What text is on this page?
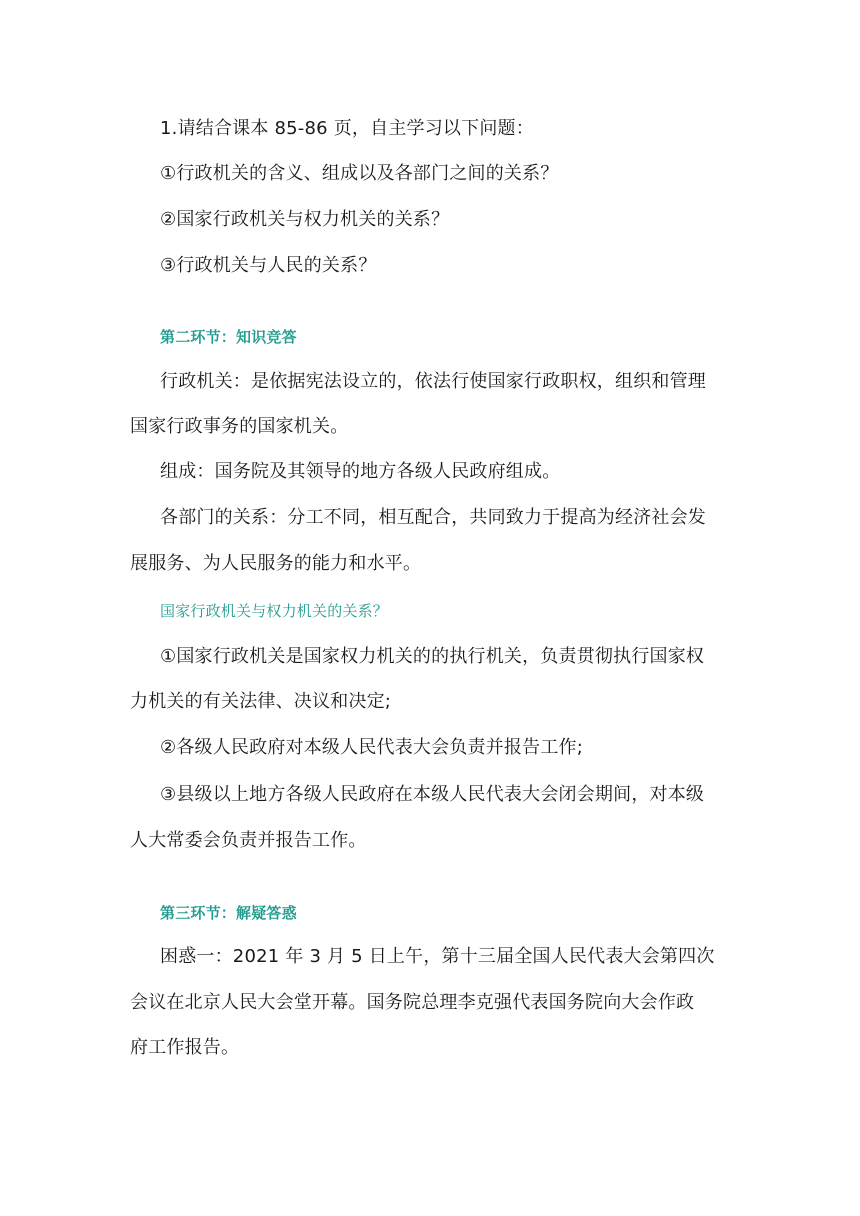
1.请结合课本 85-86 页，自主学习以下问题：
①行政机关的含义、组成以及各部门之间的关系？
②国家行政机关与权力机关的关系？
③行政机关与人民的关系？
第二环节：知识竞答
行政机关：是依据宪法设立的，依法行使国家行政职权，组织和管理
国家行政事务的国家机关。
组成：国务院及其领导的地方各级人民政府组成。
各部门的关系：分工不同，相互配合，共同致力于提高为经济社会发
展服务、为人民服务的能力和水平。
国家行政机关与权力机关的关系？
①国家行政机关是国家权力机关的的执行机关，负责贯彻执行国家权
力机关的有关法律、决议和决定;
②各级人民政府对本级人民代表大会负责并报告工作;
③县级以上地方各级人民政府在本级人民代表大会闭会期间，对本级
人大常委会负责并报告工作。
第三环节：解疑答惑
困惑一：2021 年 3 月 5 日上午，第十三届全国人民代表大会第四次
会议在北京人民大会堂开幕。国务院总理李克强代表国务院向大会作政
府工作报告。
